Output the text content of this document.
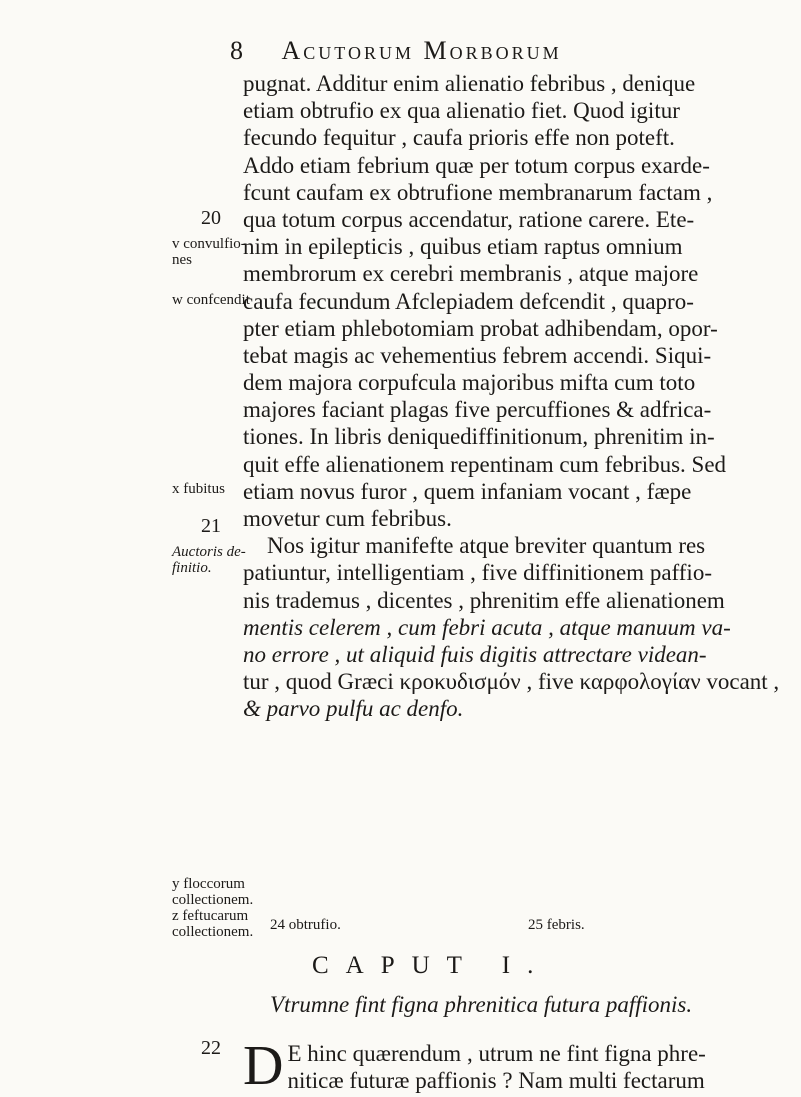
8 Acutorum Morborum
pugnat. Additur enim alienatio febribus , denique
etiam obtrufio ex qua alienatio fiet. Quod igitur
fecundo fequitur , caufa prioris effe non poteft.
Addo etiam febrium quæ per totum corpus exarde-
fcunt caufam ex obtrufione membranarum factam ,
qua totum corpus accendatur, ratione carere. Ete-
nim in epilepticis , quibus etiam raptus omnium
membrorum ex cerebri membranis , atque majore
caufa fecundum Afclepiadem defcendit , quapro-
pter etiam phlebotomiam probat adhibendam, opor-
tebat magis ac vehementius febrem accendi. Siqui-
dem majora corpufcula majoribus mifta cum toto
majores faciant plagas five percuffiones & adfrica-
tiones. In libris deniquediffinitionum, phrenitim in-
quit effe alienationem repentinam cum febribus. Sed
etiam novus furor , quem infaniam vocant , fæpe
movetur cum febribus.
Nos igitur manifefte atque breviter quantum res
patiuntur, intelligentiam , five diffinitionem paffio-
nis trademus , dicentes , phrenitim effe alienationem
mentis celerem , cum febri acuta , atque manuum va-
no errore , ut aliquid fuis digitis attrectare videan-
tur , quod Græci κροκυδισμόν , five καρφολογίαν vocant ,
& parvo pulfu ac denfo.
20
v convulfio-
nes
w confcendit
x fubitus
21
Auctoris de-
finitio.
y floccorum
collectionem.
z feftucarum
collectionem.
22
24 obtrufio.	25 febris.
CAPUT I.
Vtrumne fint figna phrenitica futura paffionis.
D E hinc quærendum , utrum ne fint figna phre-
niticæ futuræ paffionis ? Nam multi fectarum
